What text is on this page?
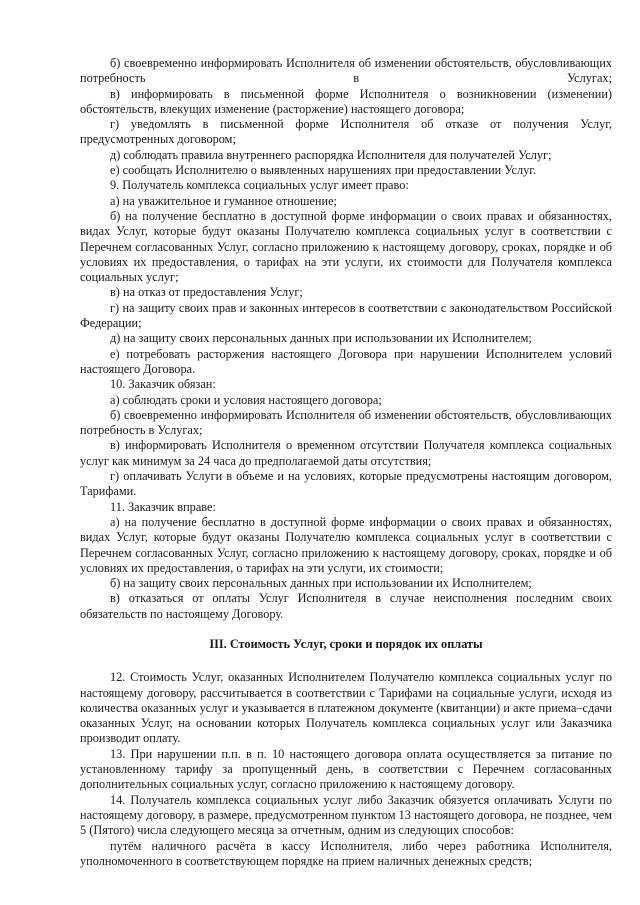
б) своевременно информировать Исполнителя об изменении обстоятельств, обусловливающих потребность в Услугах;

в) информировать в письменной форме Исполнителя о возникновении (изменении) обстоятельств, влекущих изменение (расторжение) настоящего договора;

г) уведомлять в письменной форме Исполнителя об отказе от получения Услуг, предусмотренных договором;

д) соблюдать правила внутреннего распорядка Исполнителя для получателей Услуг;

е) сообщать Исполнителю о выявленных нарушениях при предоставлении Услуг.

9. Получатель комплекса социальных услуг имеет право:

а) на уважительное и гуманное отношение;

б) на получение бесплатно в доступной форме информации о своих правах и обязанностях, видах Услуг, которые будут оказаны Получателю комплекса социальных услуг в соответствии с Перечнем согласованных Услуг, согласно приложению к настоящему договору, сроках, порядке и об условиях их предоставления, о тарифах на эти услуги, их стоимости для Получателя комплекса социальных услуг;

в) на отказ от предоставления Услуг;

г) на защиту своих прав и законных интересов в соответствии с законодательством Российской Федерации;

д) на защиту своих персональных данных при использовании их Исполнителем;

е) потребовать расторжения настоящего Договора при нарушении Исполнителем условий настоящего Договора.

10. Заказчик обязан:

а) соблюдать сроки и условия настоящего договора;

б) своевременно информировать Исполнителя об изменении обстоятельств, обусловливающих потребность в Услугах;

в) информировать Исполнителя о временном отсутствии Получателя комплекса социальных услуг как минимум за 24 часа до предполагаемой даты отсутствия;

г) оплачивать Услуги в объеме и на условиях, которые предусмотрены настоящим договором, Тарифами.

11. Заказчик вправе:

а) на получение бесплатно в доступной форме информации о своих правах и обязанностях, видах Услуг, которые будут оказаны Получателю комплекса социальных услуг в соответствии с Перечнем согласованных Услуг, согласно приложению к настоящему договору, сроках, порядке и об условиях их предоставления, о тарифах на эти услуги, их стоимости;

б) на защиту своих персональных данных при использовании их Исполнителем;

в) отказаться от оплаты Услуг Исполнителя в случае неисполнения последним своих обязательств по настоящему Договору.

III. Стоимость Услуг, сроки и порядок их оплаты

12. Стоимость Услуг, оказанных Исполнителем Получателю комплекса социальных услуг по настоящему договору, рассчитывается в соответствии с Тарифами на социальные услуги, исходя из количества оказанных услуг и указывается в платежном документе (квитанции) и акте приема–сдачи оказанных Услуг, на основании которых Получатель комплекса социальных услуг или Заказчика производит оплату.

13. При нарушении п.п. в п. 10 настоящего договора оплата осуществляется за питание по установленному тарифу за пропущенный день, в соответствии с Перечнем согласованных дополнительных социальных услуг, согласно приложению к настоящему договору.

14. Получатель комплекса социальных услуг либо Заказчик обязуется оплачивать Услуги по настоящему договору, в размере, предусмотренном пунктом 13 настоящего договора, не позднее, чем 5 (Пятого) числа следующего месяца за отчетным, одним из следующих способов:

путём наличного расчёта в кассу Исполнителя, либо через работника Исполнителя, уполномоченного в соответствующем порядке на прием наличных денежных средств;
